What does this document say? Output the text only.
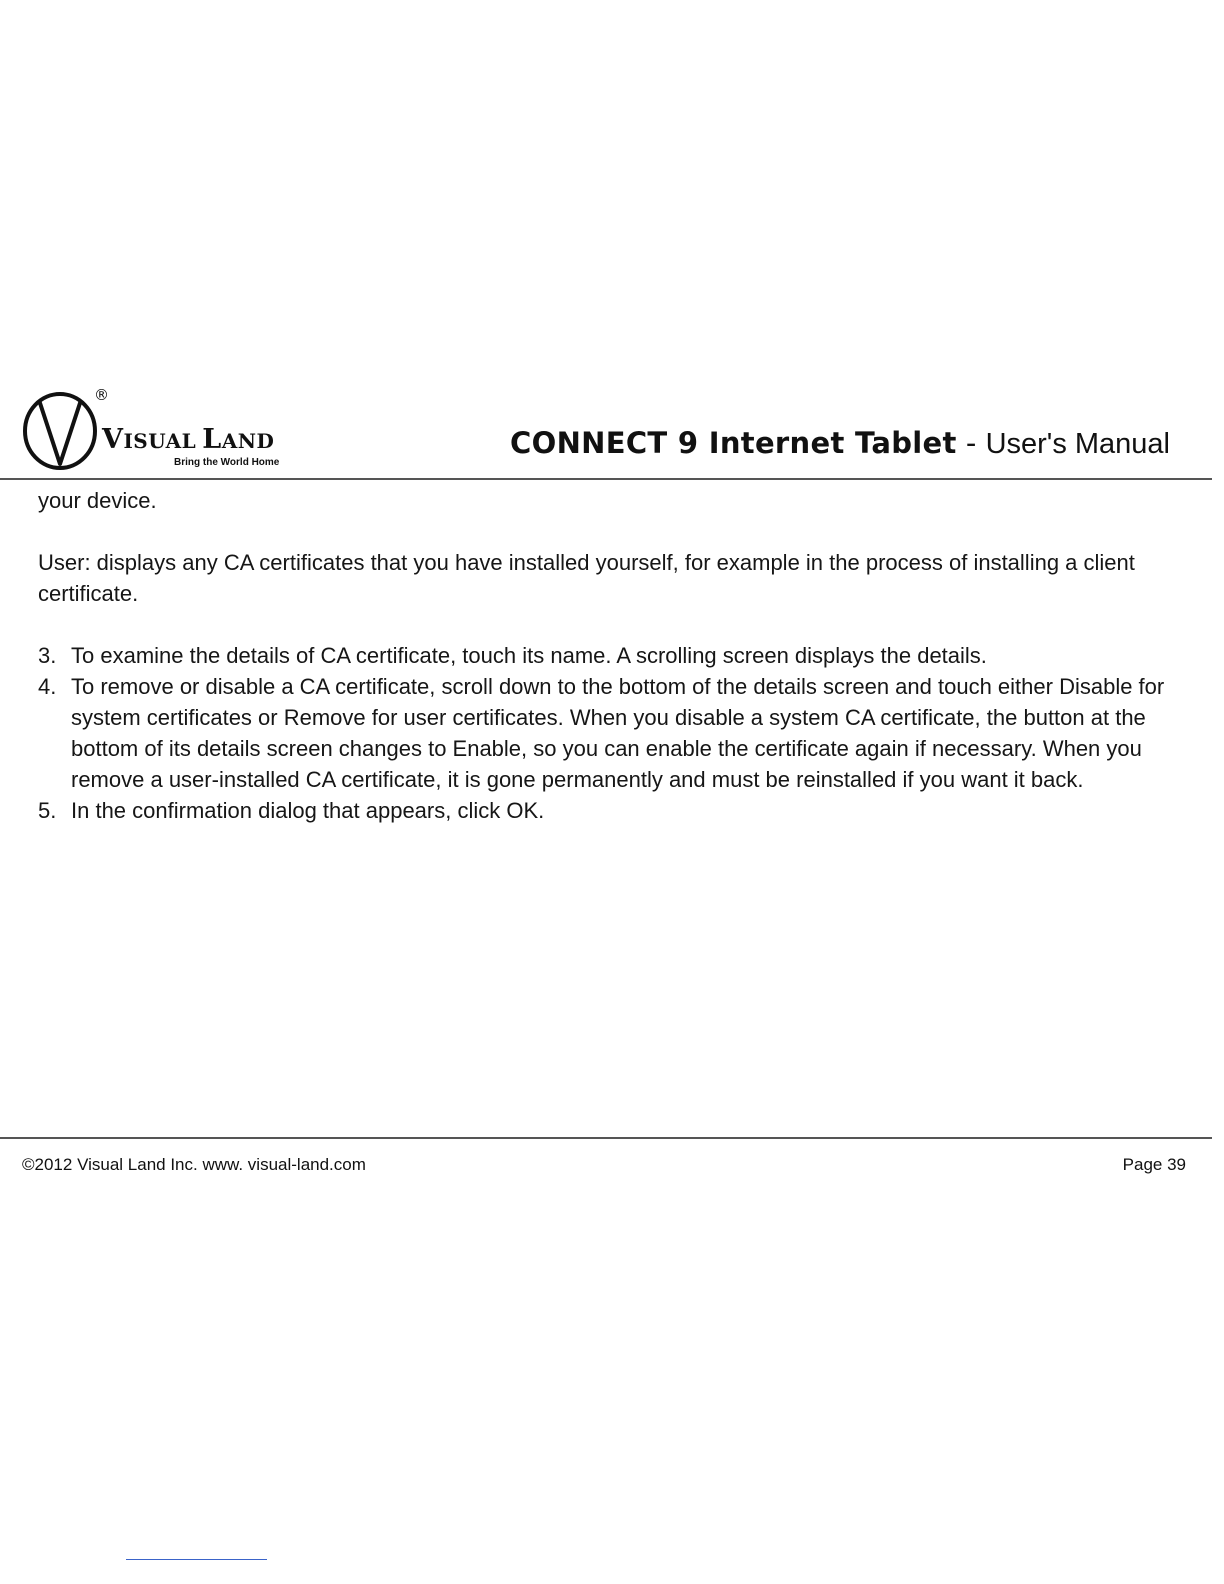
®
VISUAL LAND
Bring the World Home
CONNECT 9 Internet Tablet - User's Manual

your device.

User: displays any CA certificates that you have installed yourself, for example in the process of installing a client certificate.

3. To examine the details of CA certificate, touch its name. A scrolling screen displays the details.
4. To remove or disable a CA certificate, scroll down to the bottom of the details screen and touch either Disable for system certificates or Remove for user certificates. When you disable a system CA certificate, the button at the bottom of its details screen changes to Enable, so you can enable the certificate again if necessary. When you remove a user-installed CA certificate, it is gone permanently and must be reinstalled if you want it back.
5. In the confirmation dialog that appears, click OK.
©2012 Visual Land Inc. www. visual-land.com	Page 39
